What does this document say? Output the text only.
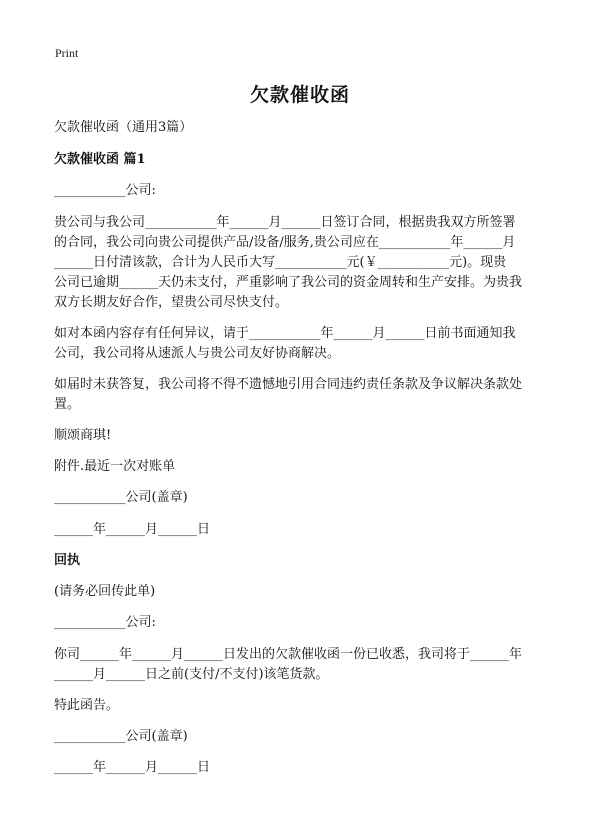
Print
欠款催收函
欠款催收函（通用3篇）
欠款催收函 篇1
___________公司:
贵公司与我公司___________年______月______日签订合同，根据贵我双方所签署
的合同，我公司向贵公司提供产品/设备/服务,贵公司应在___________年______月
______日付清该款，合计为人民币大写___________元(￥___________元)。现贵
公司已逾期______天仍未支付，严重影响了我公司的资金周转和生产安排。为贵我
双方长期友好合作，望贵公司尽快支付。
如对本函内容存有任何异议，请于___________年______月______日前书面通知我
公司，我公司将从速派人与贵公司友好协商解决。
如届时未获答复，我公司将不得不遗憾地引用合同违约责任条款及争议解决条款处
置。
顺颂商琪!
附件.最近一次对账单
___________公司(盖章)
______年______月______日
回执
(请务必回传此单)
___________公司:
你司______年______月______日发出的欠款催收函一份已收悉，我司将于______年
______月______日之前(支付/不支付)该笔货款。
特此函告。
___________公司(盖章)
______年______月______日
